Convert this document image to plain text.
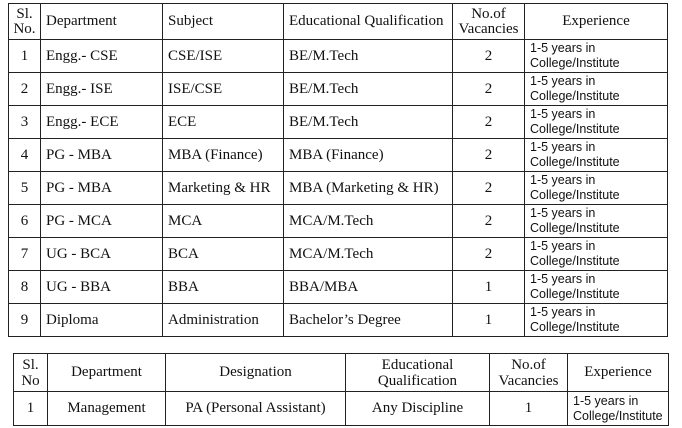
Sl.
No.	Department	Subject	Educational Qualification	No.of
Vacancies	Experience
1	Engg.- CSE	CSE/ISE	BE/M.Tech	2	1-5 years in
College/Institute
2	Engg.- ISE	ISE/CSE	BE/M.Tech	2	1-5 years in
College/Institute
3	Engg.- ECE	ECE	BE/M.Tech	2	1-5 years in
College/Institute
4	PG - MBA	MBA (Finance)	MBA (Finance)	2	1-5 years in
College/Institute
5	PG - MBA	Marketing & HR	MBA (Marketing & HR)	2	1-5 years in
College/Institute
6	PG - MCA	MCA	MCA/M.Tech	2	1-5 years in
College/Institute
7	UG - BCA	BCA	MCA/M.Tech	2	1-5 years in
College/Institute
8	UG - BBA	BBA	BBA/MBA	1	1-5 years in
College/Institute
9	Diploma	Administration	Bachelor’s Degree	1	1-5 years in
College/Institute
Sl.
No	Department	Designation	Educational
Qualification	No.of
Vacancies	Experience
1	Management	PA (Personal Assistant)	Any Discipline	1	1-5 years in
College/Institute
